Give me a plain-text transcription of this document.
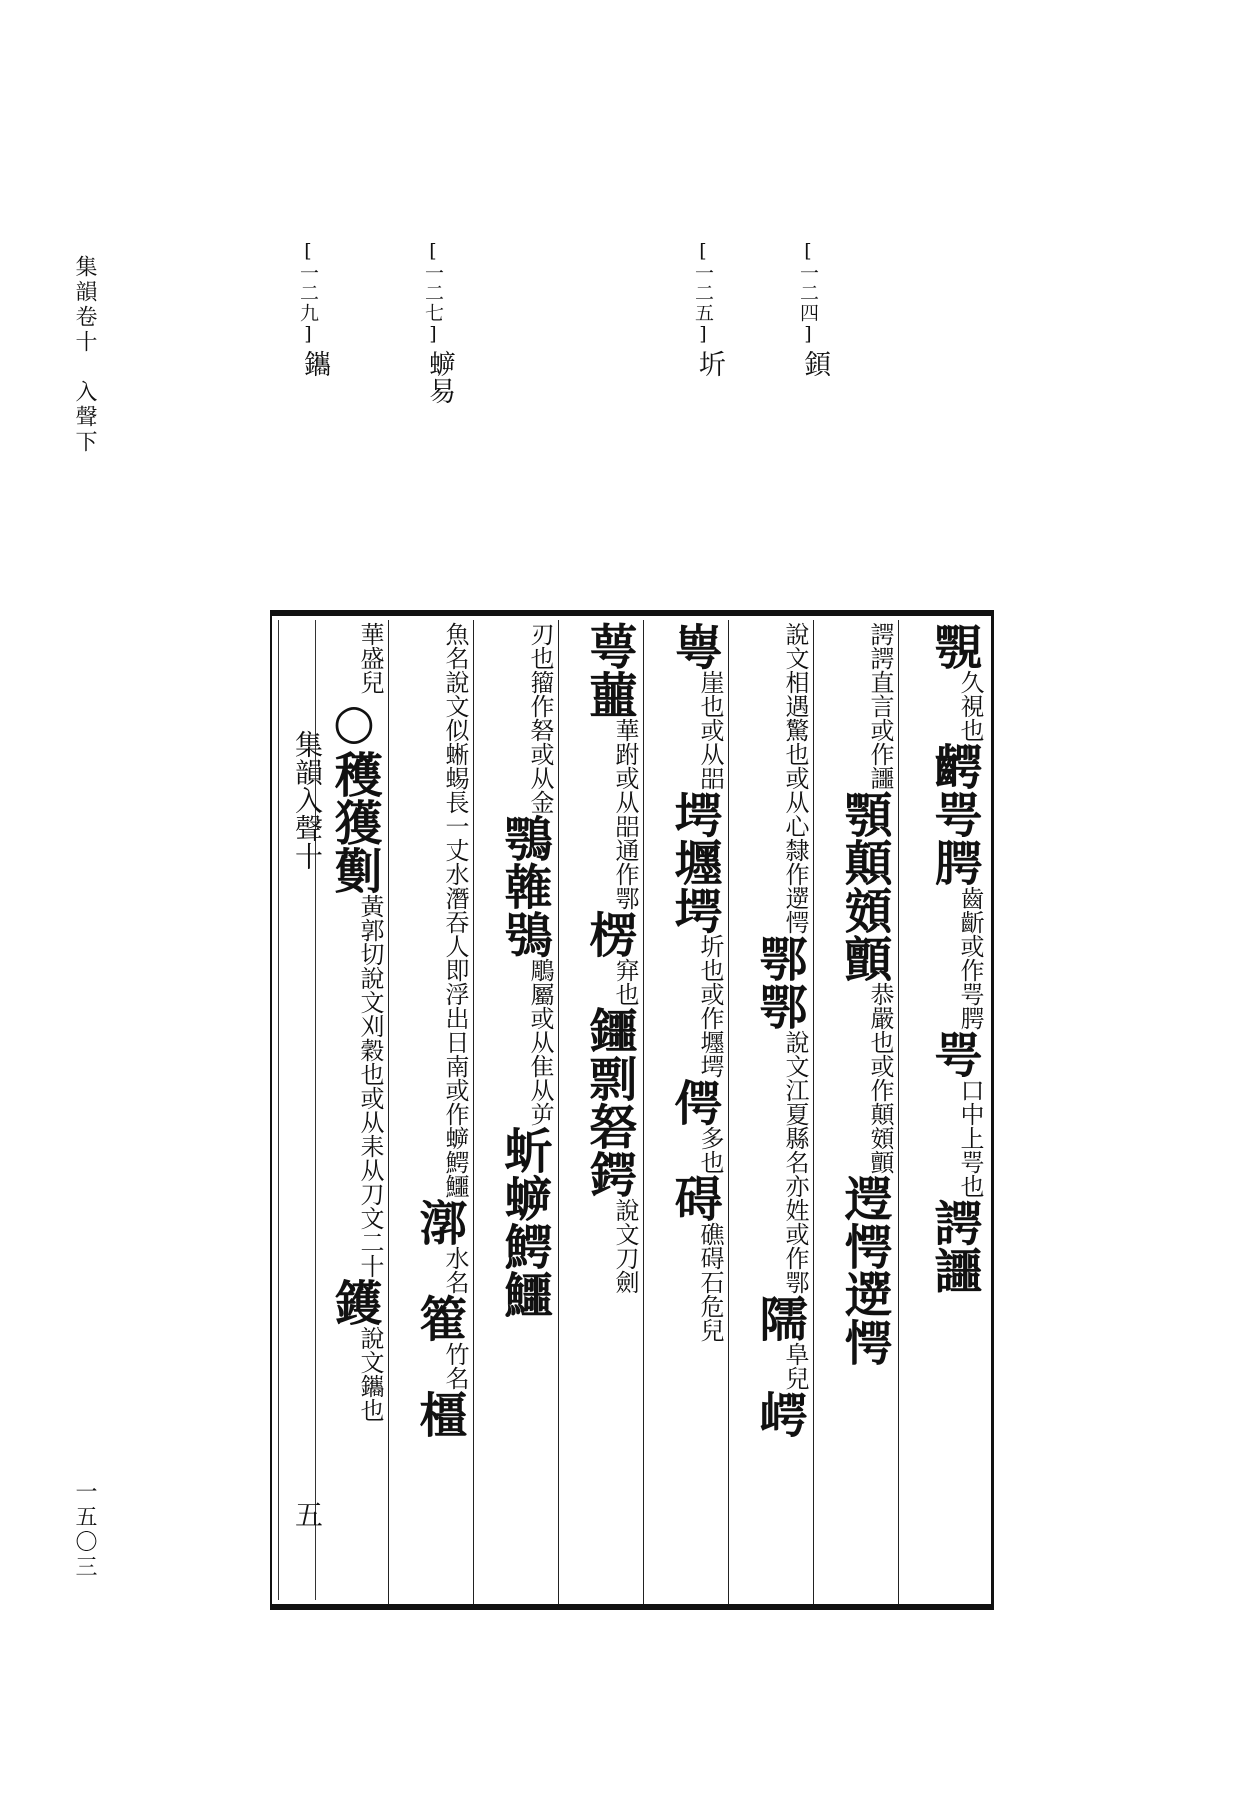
集韻卷十　入聲下
一五〇三
[一二四]
顉
[一二五]
圻
[一二七]
蝷易
[一二九]
鑴
覨久視也齶咢腭齒齗或作咢腭咢口中上咢也諤讍
諤諤直言或作讍顎顛頞顫恭嚴也或作顛頞顫遌愕遻愕
說文相遇驚也或从心隸作遻愕鄂鄂說文江夏縣名亦姓或作鄂隭阜兒崿
㟧崖也或从㗊堮壥堮圻也或作壥堮偔多也碍礁碍石危兒
萼蘁華跗或从㗊通作鄂楞穽也鑩剽砮鍔說文刀劍
刃也籀作砮或从金鶚雗鴞鵰屬或从隹从屰蚚蝷鰐鱷
魚名說文似蜥蜴長一丈水潛吞人即浮出日南或作蝷鰐鱷漷水名篧竹名橿
華盛兒○穫獲劐黃郭切說文刈穀也或从耒从刀文二十鑊說文鑴也
集韻入聲十
五
